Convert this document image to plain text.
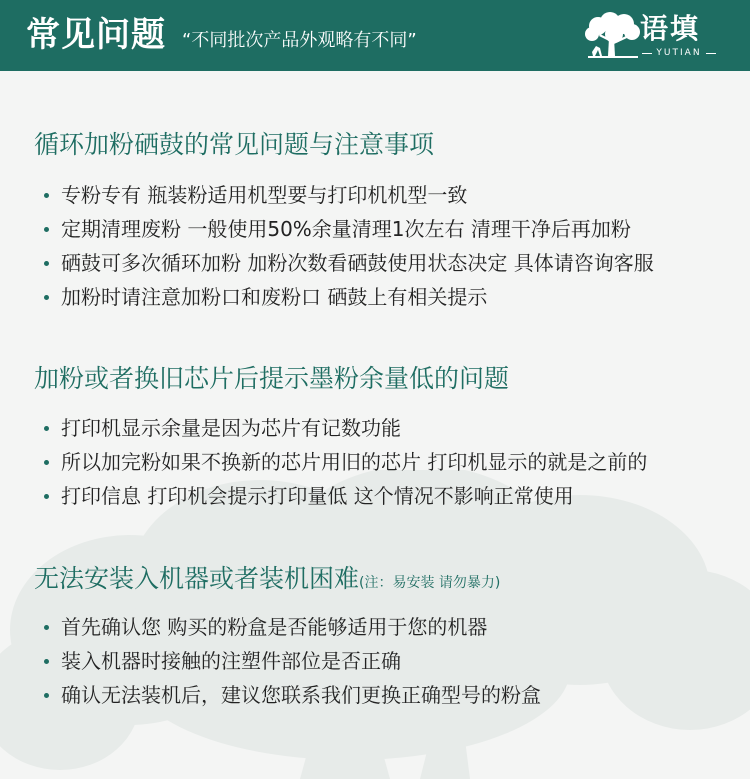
常见问题 “不同批次产品外观略有不同”	语填
YUTIAN
循环加粉硒鼓的常见问题与注意事项
专粉专有 瓶装粉适用机型要与打印机机型一致
定期清理废粉 一般使用50%余量清理1次左右 清理干净后再加粉
硒鼓可多次循环加粉 加粉次数看硒鼓使用状态决定 具体请咨询客服
加粉时请注意加粉口和废粉口 硒鼓上有相关提示
加粉或者换旧芯片后提示墨粉余量低的问题
打印机显示余量是因为芯片有记数功能
所以加完粉如果不换新的芯片用旧的芯片 打印机显示的就是之前的
打印信息 打印机会提示打印量低 这个情况不影响正常使用
无法安装入机器或者装机困难(注：易安装 请勿暴力)
首先确认您 购买的粉盒是否能够适用于您的机器
装入机器时接触的注塑件部位是否正确
确认无法装机后，建议您联系我们更换正确型号的粉盒
